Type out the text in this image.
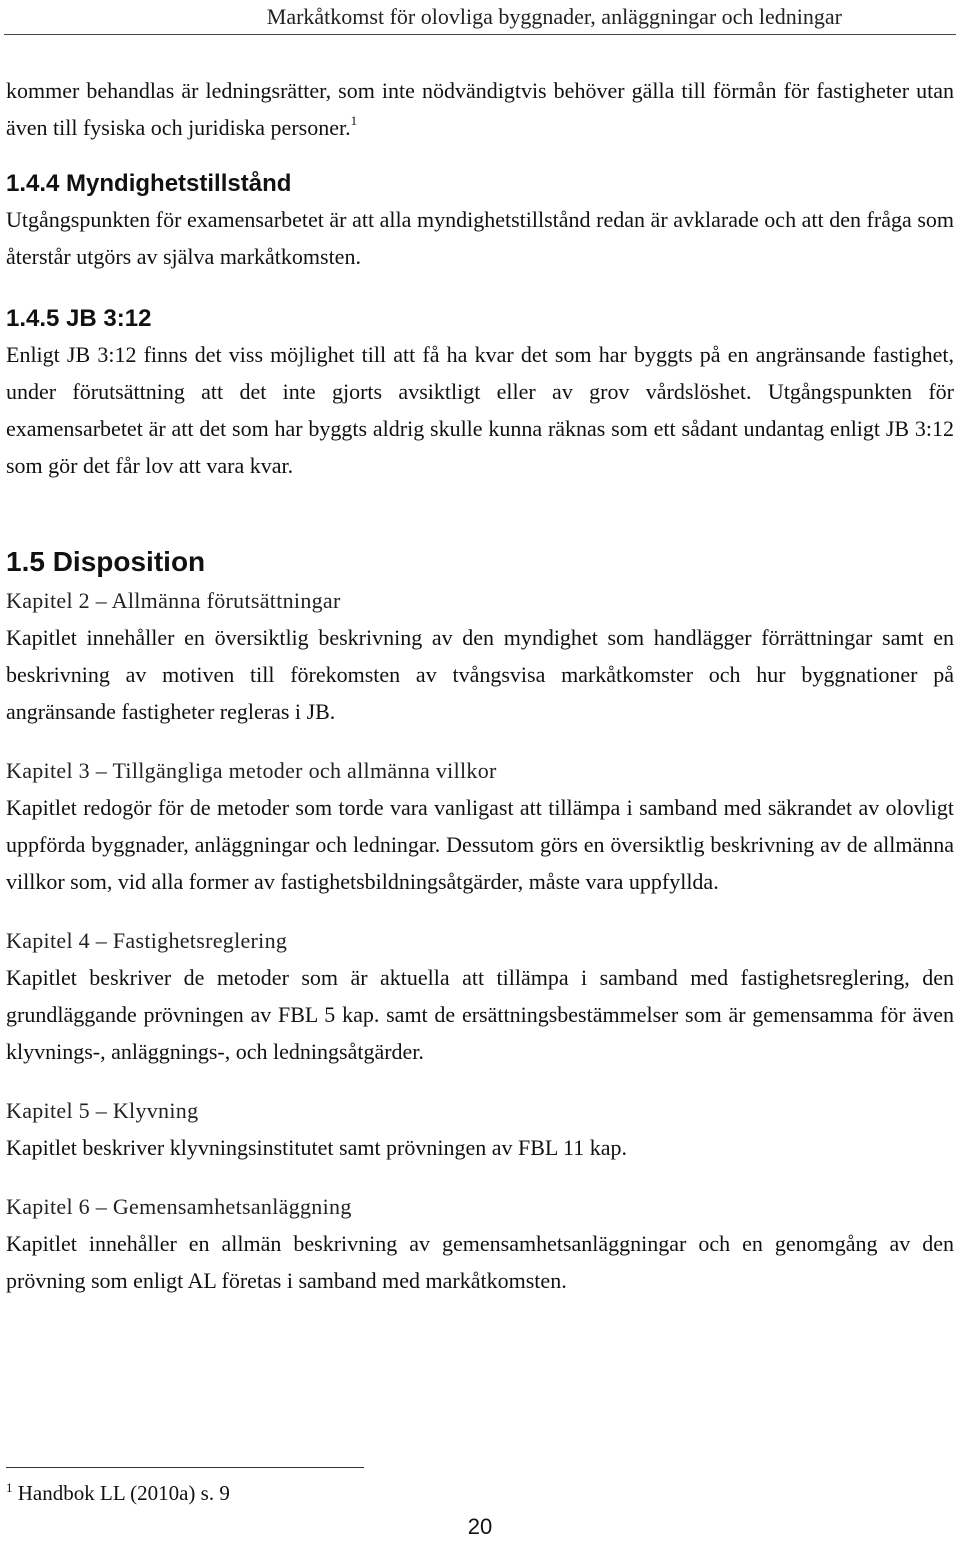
Markåtkomst för olovliga byggnader, anläggningar och ledningar

kommer behandlas är ledningsrätter, som inte nödvändigtvis behöver gälla till förmån för fastigheter utan även till fysiska och juridiska personer.$^1$

1.4.4 Myndighetstillstånd

Utgångspunkten för examensarbetet är att alla myndighetstillstånd redan är avklarade och att den fråga som återstår utgörs av själva markåtkomsten.

1.4.5 JB 3:12

Enligt JB 3:12 finns det viss möjlighet till att få ha kvar det som har byggts på en angränsande fastighet, under förutsättning att det inte gjorts avsiktligt eller av grov vårdslöshet. Utgångspunkten för examensarbetet är att det som har byggts aldrig skulle kunna räknas som ett sådant undantag enligt JB 3:12 som gör det får lov att vara kvar.

1.5 Disposition
Kapitel 2 – Allmänna förutsättningar

Kapitlet innehåller en översiktlig beskrivning av den myndighet som handlägger förrättningar samt en beskrivning av motiven till förekomsten av tvångsvisa markåtkomster och hur byggnationer på angränsande fastigheter regleras i JB.

Kapitel 3 – Tillgängliga metoder och allmänna villkor

Kapitlet redogör för de metoder som torde vara vanligast att tillämpa i samband med säkrandet av olovligt uppförda byggnader, anläggningar och ledningar. Dessutom görs en översiktlig beskrivning av de allmänna villkor som, vid alla former av fastighetsbildningsåtgärder, måste vara uppfyllda.

Kapitel 4 – Fastighetsreglering

Kapitlet beskriver de metoder som är aktuella att tillämpa i samband med fastighetsreglering, den grundläggande prövningen av FBL 5 kap. samt de ersättningsbestämmelser som är gemensamma för även klyvnings-, anläggnings-, och ledningsåtgärder.

Kapitel 5 – Klyvning

Kapitlet beskriver klyvningsinstitutet samt prövningen av FBL 11 kap.

Kapitel 6 – Gemensamhetsanläggning

Kapitlet innehåller en allmän beskrivning av gemensamhetsanläggningar och en genomgång av den prövning som enligt AL företas i samband med markåtkomsten.

$^1$ Handbok LL (2010a) s. 9
20
